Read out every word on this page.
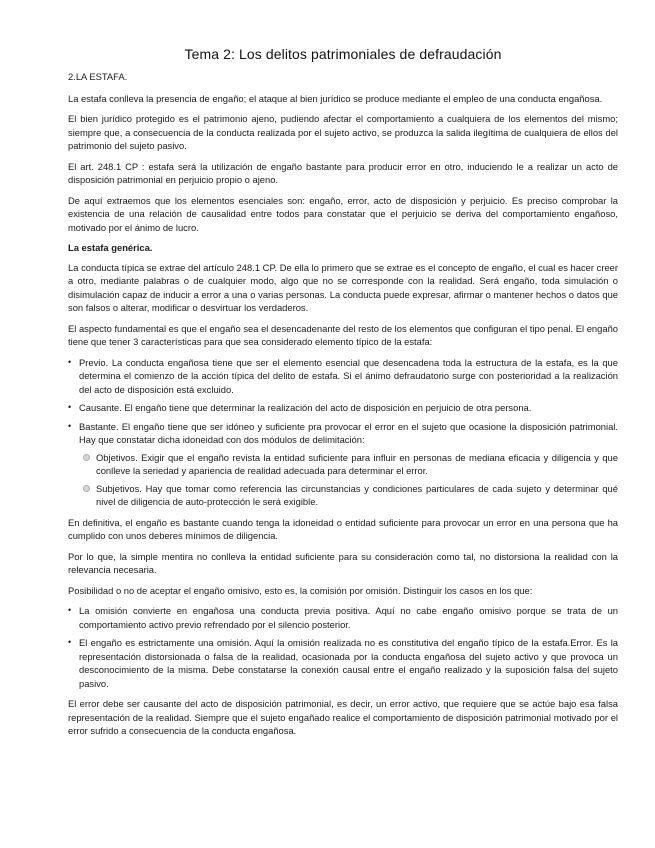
Tema 2: Los delitos patrimoniales de defraudación

2.LA ESTAFA.

La estafa conlleva la presencia de engaño; el ataque al bien jurídico se produce mediante el empleo de una conducta engañosa.

El bien jurídico protegido es el patrimonio ajeno, pudiendo afectar el comportamiento a cualquiera de los elementos del mismo; siempre que, a consecuencia de la conducta realizada por el sujeto activo, se produzca la salida ilegítima de cualquiera de ellos del patrimonio del sujeto pasivo.

El art. 248.1 CP : estafa será la utilización de engaño bastante para producir error en otro, induciendo le a realizar un acto de disposición patrimonial en perjuicio propio o ajeno.

De aquí extraemos que los elementos esenciales son: engaño, error, acto de disposición y perjuicio. Es preciso comprobar la existencia de una relación de causalidad entre todos para constatar que el perjuicio se deriva del comportamiento engañoso, motivado por el ánimo de lucro.

La estafa genérica.

La conducta típica se extrae del artículo 248.1 CP. De ella lo primero que se extrae es el concepto de engaño, el cual es hacer creer a otro, mediante palabras o de cualquier modo, algo que no se corresponde con la realidad. Será engaño, toda simulación o disimulación capaz de inducir a error a una o varias personas. La conducta puede expresar, afirmar o mantener hechos o datos que son falsos o alterar, modificar o desvirtuar los verdaderos.

El aspecto fundamental es que el engaño sea el desencadenante del resto de los elementos que configuran el tipo penal. El engaño tiene que tener 3 características para que sea considerado elemento típico de la estafa:

• Previo. La conducta engañosa tiene que ser el elemento esencial que desencadena toda la estructura de la estafa, es la que determina el comienzo de la acción típica del delito de estafa. Si el ánimo defraudatorio surge con posterioridad a la realización del acto de disposición está excluido.
• Causante. El engaño tiene que determinar la realización del acto de disposición en perjuicio de otra persona.
• Bastante. El engaño tiene que ser idóneo y suficiente pra provocar el error en el sujeto que ocasione la disposición patrimonial. Hay que constatar dicha idoneidad con dos módulos de delimitación:
Objetivos. Exigir que el engaño revista la entidad suficiente para influir en personas de mediana eficacia y diligencia y que conlleve la seriedad y apariencia de realidad adecuada para determinar el error.
Subjetivos. Hay que tomar como referencia las circunstancias y condiciones particulares de cada sujeto y determinar qué nivel de diligencia de auto-protección le será exigible.

En definitiva, el engaño es bastante cuando tenga la idoneidad o entidad suficiente para provocar un error en una persona que ha cumplido con unos deberes mínimos de diligencia.

Por lo que, la simple mentira no conlleva la entidad suficiente para su consideración como tal, no distorsiona la realidad con la relevancia necesaria.

Posibilidad o no de aceptar el engaño omisivo, esto es, la comisión por omisión. Distinguir los casos en los que:

• La omisión convierte en engañosa una conducta previa positiva. Aquí no cabe engaño omisivo porque se trata de un comportamiento activo previo refrendado por el silencio posterior.
• El engaño es estrictamente una omisión. Aquí la omisión realizada no es constitutiva del engaño típico de la estafa.Error. Es la representación distorsionada o falsa de la realidad, ocasionada por la conducta engañosa del sujeto activo y que provoca un desconocimiento de la misma. Debe constatarse la conexión causal entre el engaño realizado y la suposición falsa del sujeto pasivo.

El error debe ser causante del acto de disposición patrimonial, es decir, un error activo, que requiere que se actúe bajo esa falsa representación de la realidad. Siempre que el sujeto engañado realice el comportamiento de disposición patrimonial motivado por el error sufrido a consecuencia de la conducta engañosa.
